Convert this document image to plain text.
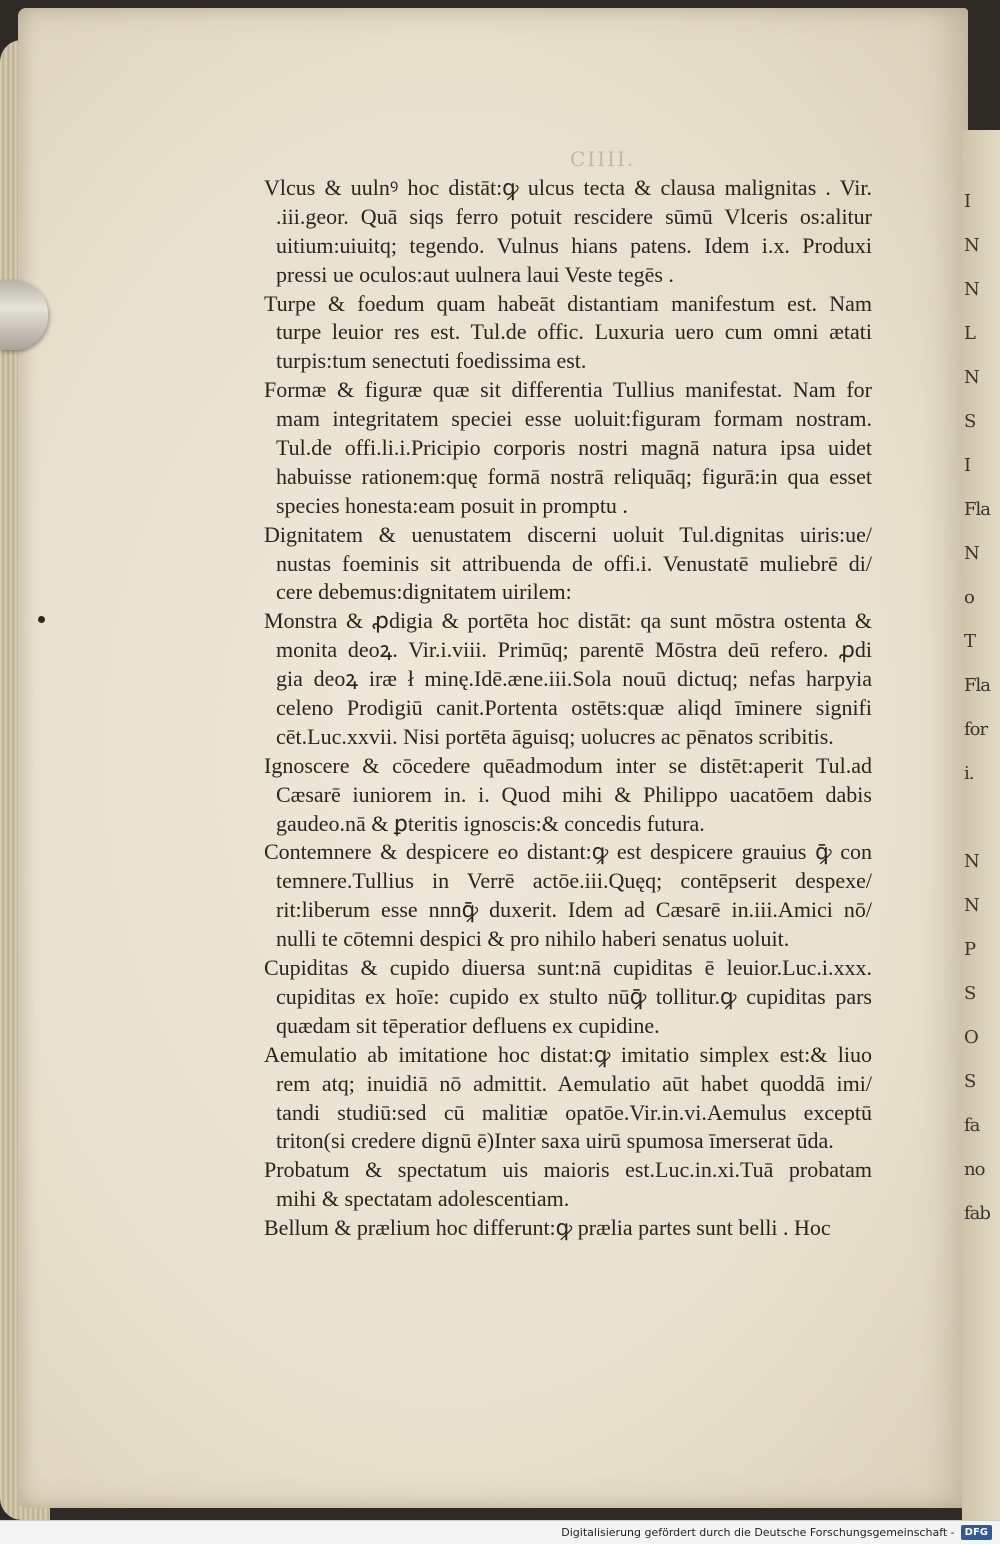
I
N
N
L
N
S
I
Fla
N
o
T
Fla
for
i.

N
N
P
S
O
S
fa
no
fab
CIIII.
Vlcus & uulnꝰ hoc distāt:ꝙ ulcus tecta & clausa malignitas . Vir.
.iii.geor. Quā siqs ferro potuit rescidere sūmū Vlceris os:alitur
uitium:uiuitq; tegendo. Vulnus hians patens. Idem i.x. Produxi
pressi ue oculos:aut uulnera laui Veste tegēs .
Turpe & foedum quam habeāt distantiam manifestum est. Nam
turpe leuior res est. Tul.de offic. Luxuria uero cum omni ætati
turpis:tum senectuti foedissima est.
Formæ & figuræ quæ sit differentia Tullius manifestat. Nam for
mam integritatem speciei esse uoluit:figuram formam nostram.
Tul.de offi.li.i.Pricipio corporis nostri magnā natura ipsa uidet
habuisse rationem:quę formā nostrā reliquāq; figurā:in qua esset
species honesta:eam posuit in promptu .
Dignitatem & uenustatem discerni uoluit Tul.dignitas uiris:ue/
nustas foeminis sit attribuenda de offi.i. Venustatē muliebrē di/
cere debemus:dignitatem uirilem:
Monstra & ꝓdigia & portēta hoc distāt: qa sunt mōstra ostenta &
monita deoꝝ. Vir.i.viii. Primūq; parentē Mōstra deū refero. ꝓdi
gia deoꝝ iræ ł minę.Idē.æne.iii.Sola nouū dictuq; nefas harpyia
celeno Prodigiū canit.Portenta ostēts:quæ aliqd īminere signifi
cēt.Luc.xxvii. Nisi portēta āguisq; uolucres ac pēnatos scribitis.
Ignoscere & cōcedere quēadmodum inter se distēt:aperit Tul.ad
Cæsarē iuniorem in. i. Quod mihi & Philippo uacatōem dabis
gaudeo.nā & ꝑteritis ignoscis:& concedis futura.
Contemnere & despicere eo distant:ꝙ est despicere grauius ꝙ̄ con
temnere.Tullius in Verrē actōe.iii.Quęq; contēpserit despexe/
rit:liberum esse nnnꝙ̄ duxerit. Idem ad Cæsarē in.iii.Amici nō/
nulli te cōtemni despici & pro nihilo haberi senatus uoluit.
Cupiditas & cupido diuersa sunt:nā cupiditas ē leuior.Luc.i.xxx.
cupiditas ex hoīe: cupido ex stulto nūꝙ̄ tollitur.ꝙ cupiditas pars
quædam sit tēperatior defluens ex cupidine.
Aemulatio ab imitatione hoc distat:ꝙ imitatio simplex est:& liuo
rem atq; inuidiā nō admittit. Aemulatio aūt habet quoddā imi/
tandi studiū:sed cū malitiæ opatōe.Vir.in.vi.Aemulus exceptū
triton(si credere dignū ē)Inter saxa uirū spumosa īmerserat ūda.
Probatum & spectatum uis maioris est.Luc.in.xi.Tuā probatam
mihi & spectatam adolescentiam.
Bellum & prælium hoc differunt:ꝙ prælia partes sunt belli . Hoc
Digitalisierung gefördert durch die Deutsche Forschungsgemeinschaft -	DFG
